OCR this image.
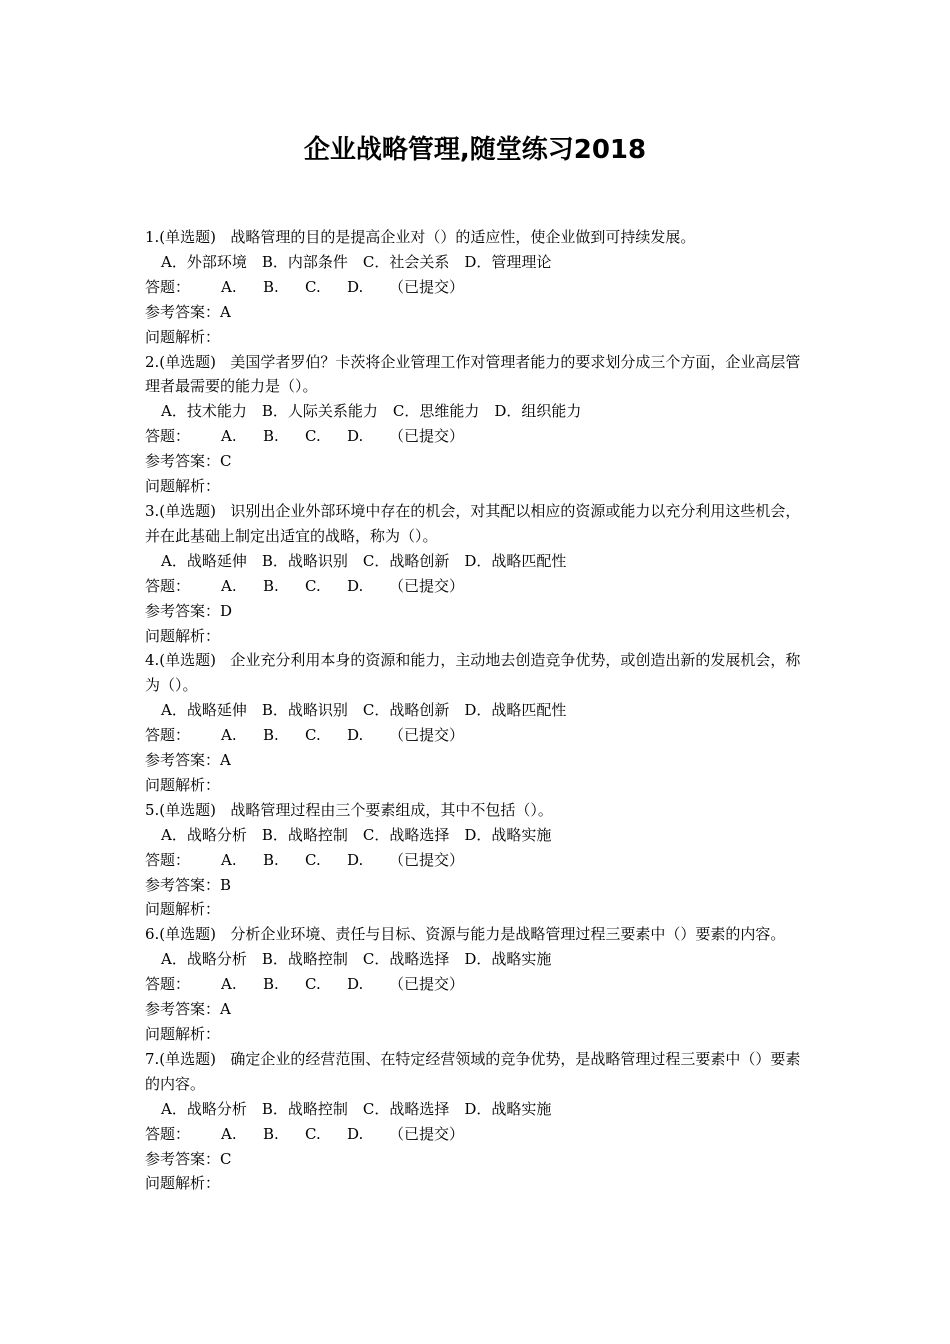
企业战略管理,随堂练习2018
1.(单选题) 战略管理的目的是提高企业对（）的适应性，使企业做到可持续发展。
A．外部环境　B．内部条件　C．社会关系　D．管理理论
答题： A. B. C. D. （已提交）
参考答案：A
问题解析：
2.(单选题) 美国学者罗伯？卡茨将企业管理工作对管理者能力的要求划分成三个方面，企业高层管理者最需要的能力是（）。
A．技术能力　B．人际关系能力　C．思维能力　D．组织能力
答题： A. B. C. D. （已提交）
参考答案：C
问题解析：
3.(单选题) 识别出企业外部环境中存在的机会，对其配以相应的资源或能力以充分利用这些机会，并在此基础上制定出适宜的战略，称为（）。
A．战略延伸　B．战略识别　C．战略创新　D．战略匹配性
答题： A. B. C. D. （已提交）
参考答案：D
问题解析：
4.(单选题) 企业充分利用本身的资源和能力，主动地去创造竞争优势，或创造出新的发展机会，称为（）。
A．战略延伸　B．战略识别　C．战略创新　D．战略匹配性
答题： A. B. C. D. （已提交）
参考答案：A
问题解析：
5.(单选题) 战略管理过程由三个要素组成，其中不包括（）。
A．战略分析　B．战略控制　C．战略选择　D．战略实施
答题： A. B. C. D. （已提交）
参考答案：B
问题解析：
6.(单选题) 分析企业环境、责任与目标、资源与能力是战略管理过程三要素中（）要素的内容。
A．战略分析　B．战略控制　C．战略选择　D．战略实施
答题： A. B. C. D. （已提交）
参考答案：A
问题解析：
7.(单选题) 确定企业的经营范围、在特定经营领域的竞争优势，是战略管理过程三要素中（）要素的内容。
A．战略分析　B．战略控制　C．战略选择　D．战略实施
答题： A. B. C. D. （已提交）
参考答案：C
问题解析：
